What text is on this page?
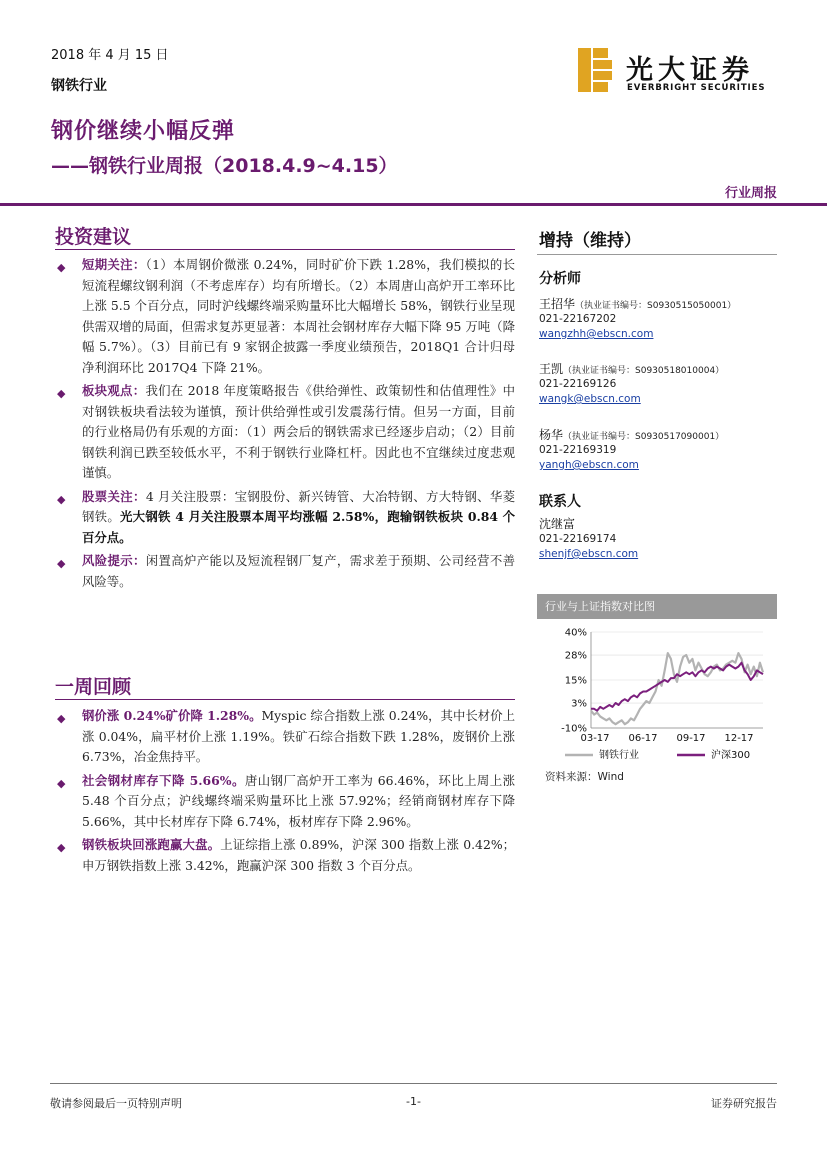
2018 年 4 月 15 日
钢铁行业
钢价继续小幅反弹
——钢铁行业周报（2018.4.9~4.15）
光大证券
EVERBRIGHT SECURITIES
行业周报
投资建议
◆ 短期关注：（1）本周钢价微涨 0.24%，同时矿价下跌 1.28%，我们模拟的长短流程螺纹钢利润（不考虑库存）均有所增长。（2）本周唐山高炉开工率环比上涨 5.5 个百分点，同时沪线螺终端采购量环比大幅增长 58%，钢铁行业呈现供需双增的局面，但需求复苏更显著：本周社会钢材库存大幅下降 95 万吨（降幅 5.7%）。（3）目前已有 9 家钢企披露一季度业绩预告，2018Q1 合计归母净利润环比 2017Q4 下降 21%。
◆ 板块观点：我们在 2018 年度策略报告《供给弹性、政策韧性和估值理性》中对钢铁板块看法较为谨慎，预计供给弹性或引发震荡行情。但另一方面，目前的行业格局仍有乐观的方面：（1）两会后的钢铁需求已经逐步启动；（2）目前钢铁利润已跌至较低水平，不利于钢铁行业降杠杆。因此也不宜继续过度悲观谨慎。
◆ 股票关注：4 月关注股票：宝钢股份、新兴铸管、大冶特钢、方大特钢、华菱钢铁。光大钢铁 4 月关注股票本周平均涨幅 2.58%，跑输钢铁板块 0.84 个百分点。
◆ 风险提示：闲置高炉产能以及短流程钢厂复产，需求差于预期、公司经营不善风险等。
一周回顾
◆ 钢价涨 0.24%矿价降 1.28%。Myspic 综合指数上涨 0.24%，其中长材价上涨 0.04%，扁平材价上涨 1.19%。铁矿石综合指数下跌 1.28%，废钢价上涨 6.73%，冶金焦持平。
◆ 社会钢材库存下降 5.66%。唐山钢厂高炉开工率为 66.46%，环比上周上涨 5.48 个百分点；沪线螺终端采购量环比上涨 57.92%；经销商钢材库存下降 5.66%，其中长材库存下降 6.74%，板材库存下降 2.96%。
◆ 钢铁板块回涨跑赢大盘。上证综指上涨 0.89%，沪深 300 指数上涨 0.42%；申万钢铁指数上涨 3.42%，跑赢沪深 300 指数 3 个百分点。
增持（维持）
分析师
王招华（执业证书编号：S0930515050001）
021-22167202
wangzhh@ebscn.com
王凯（执业证书编号：S0930518010004）
021-22169126
wangk@ebscn.com
杨华（执业证书编号：S0930517090001）
021-22169319
yangh@ebscn.com
联系人
沈继富
021-22169174
shenjf@ebscn.com
行业与上证指数对比图
40%
28%
15%
3%
-10%
03-17 06-17 09-17 12-17
钢铁行业	沪深300
资料来源：Wind
敬请参阅最后一页特别声明	-1-	证券研究报告
